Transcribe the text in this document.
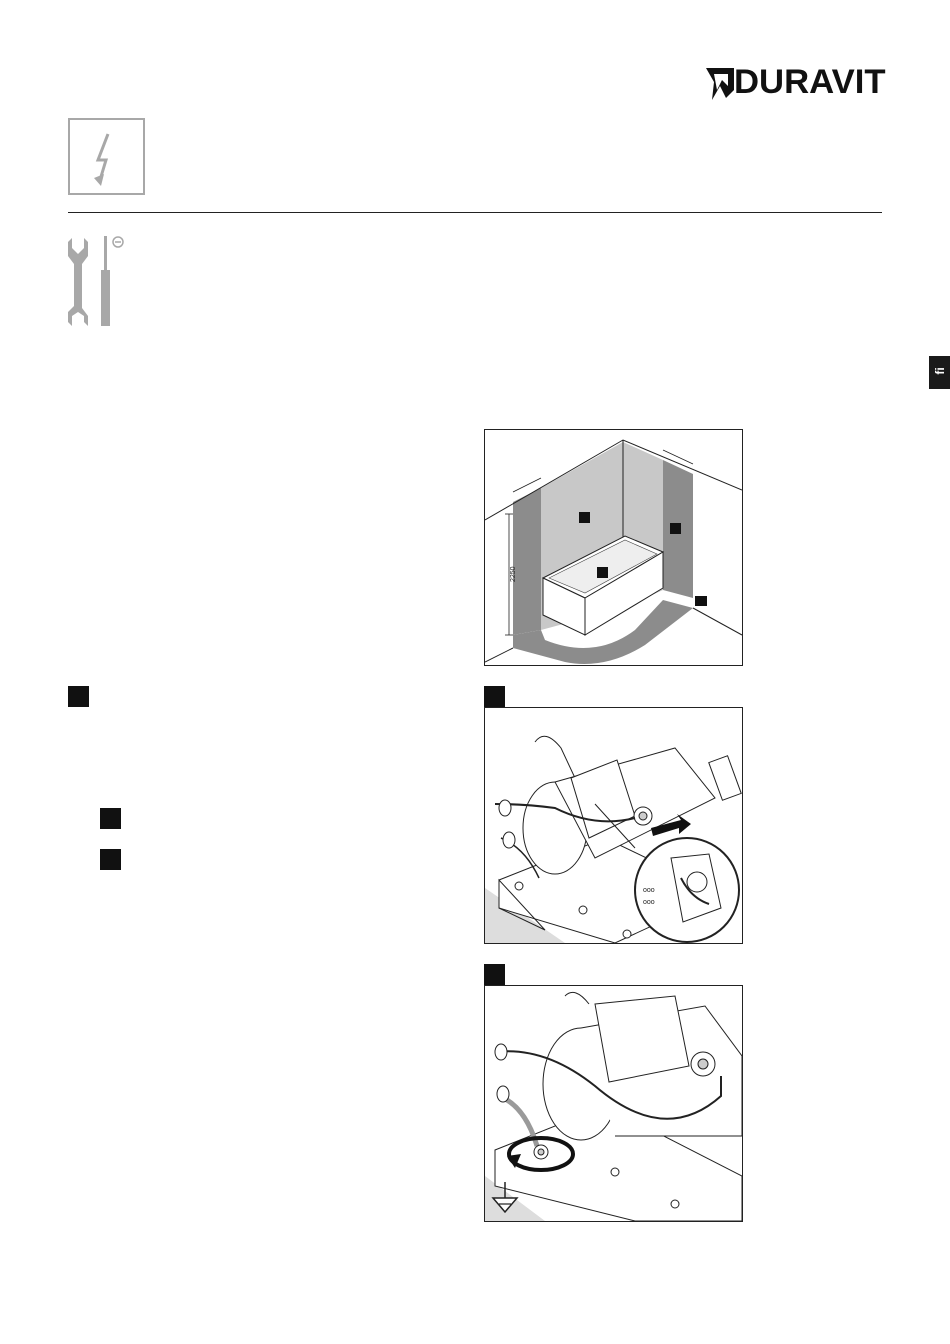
DURAVIT
fi
2250
ooo
ooo
